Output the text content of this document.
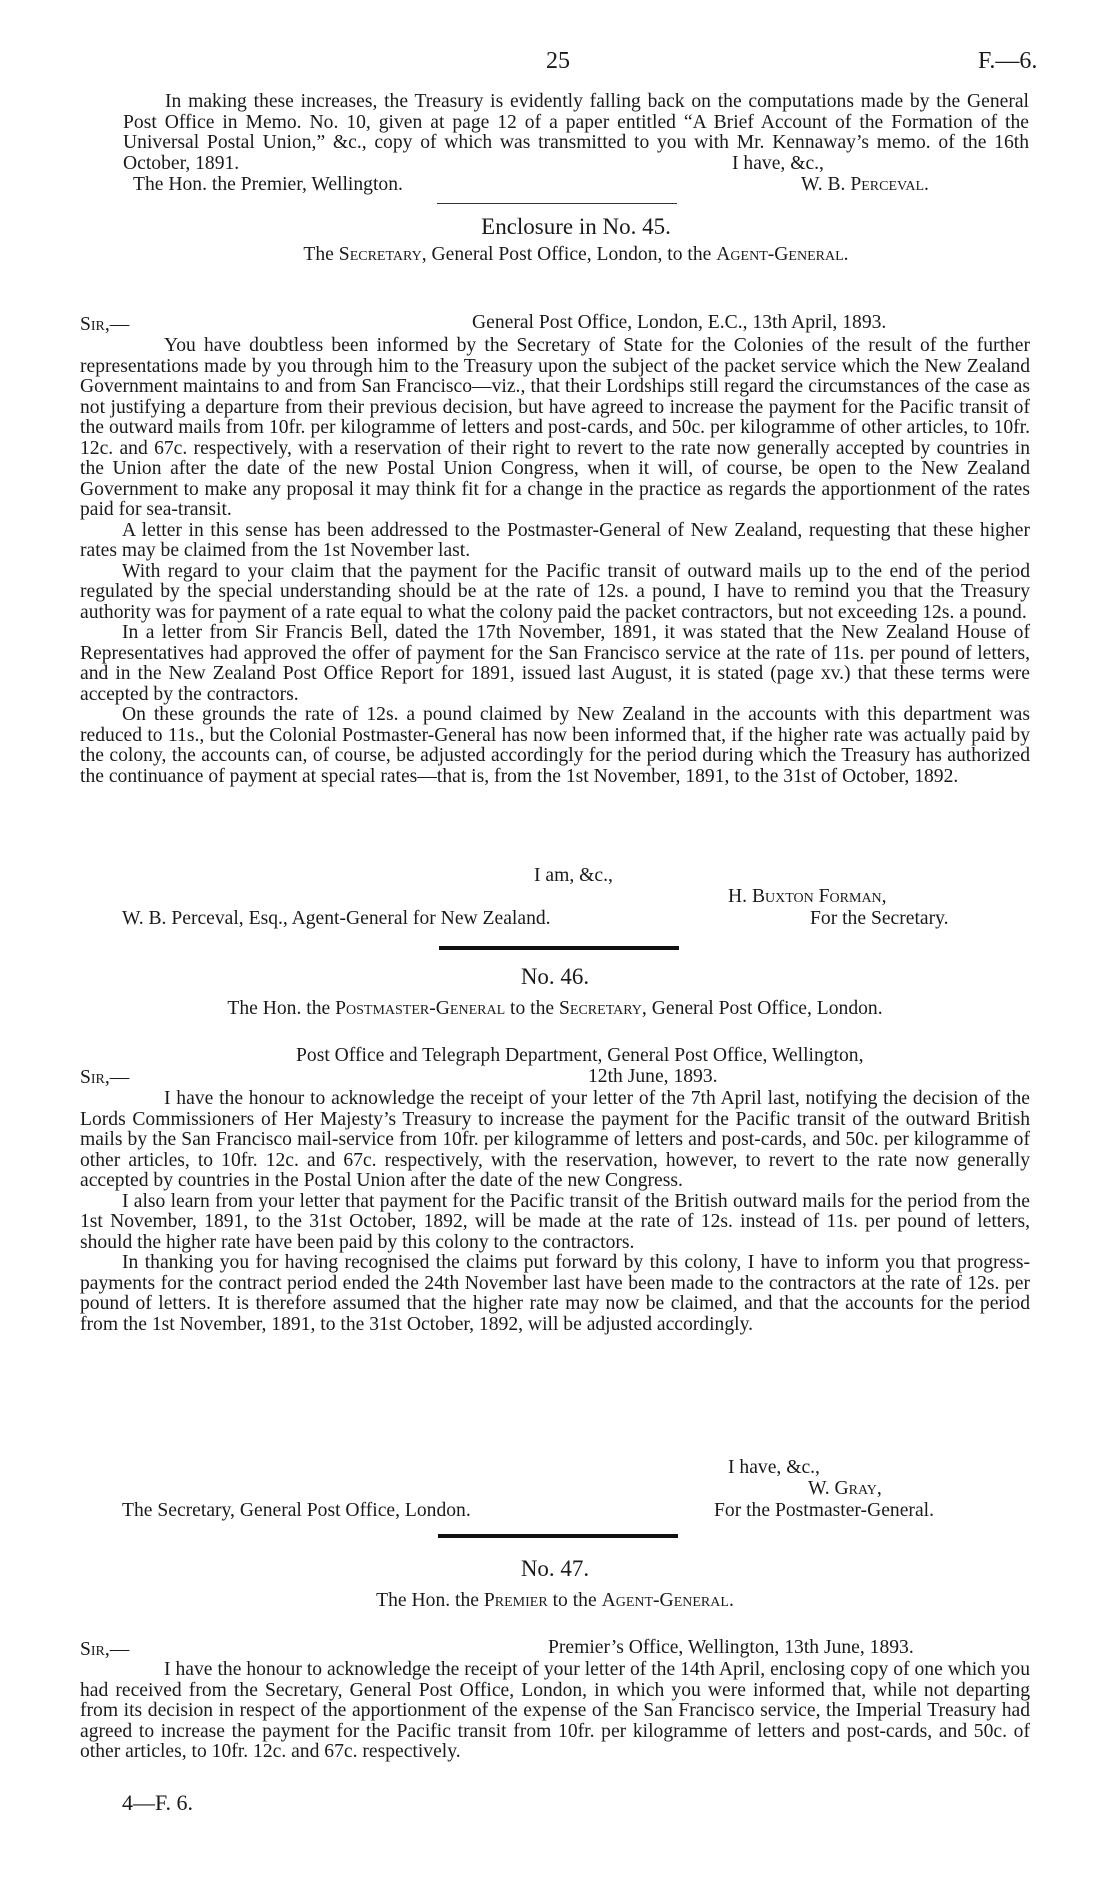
25	F.—6.

In making these increases, the Treasury is evidently falling back on the computations made by the General Post Office in Memo. No. 10, given at page 12 of a paper entitled “A Brief Account of the Formation of the Universal Postal Union,” &c., copy of which was transmitted to you with Mr. Kennaway’s memo. of the 16th October, 1891.	I have, &c.,
The Hon. the Premier, Wellington.	W. B. Perceval.

Enclosure in No. 45.

The Secretary, General Post Office, London, to the Agent-General.

Sir,—	General Post Office, London, E.C., 13th April, 1893.

You have doubtless been informed by the Secretary of State for the Colonies of the result of the further representations made by you through him to the Treasury upon the subject of the packet service which the New Zealand Government maintains to and from San Francisco—viz., that their Lordships still regard the circumstances of the case as not justifying a departure from their previous decision, but have agreed to increase the payment for the Pacific transit of the outward mails from 10fr. per kilogramme of letters and post-cards, and 50c. per kilogramme of other articles, to 10fr. 12c. and 67c. respectively, with a reservation of their right to revert to the rate now generally accepted by countries in the Union after the date of the new Postal Union Congress, when it will, of course, be open to the New Zealand Government to make any proposal it may think fit for a change in the practice as regards the apportionment of the rates paid for sea-transit.

A letter in this sense has been addressed to the Postmaster-General of New Zealand, requesting that these higher rates may be claimed from the 1st November last.

With regard to your claim that the payment for the Pacific transit of outward mails up to the end of the period regulated by the special understanding should be at the rate of 12s. a pound, I have to remind you that the Treasury authority was for payment of a rate equal to what the colony paid the packet contractors, but not exceeding 12s. a pound.

In a letter from Sir Francis Bell, dated the 17th November, 1891, it was stated that the New Zealand House of Representatives had approved the offer of payment for the San Francisco service at the rate of 11s. per pound of letters, and in the New Zealand Post Office Report for 1891, issued last August, it is stated (page xv.) that these terms were accepted by the contractors.

On these grounds the rate of 12s. a pound claimed by New Zealand in the accounts with this department was reduced to 11s., but the Colonial Postmaster-General has now been informed that, if the higher rate was actually paid by the colony, the accounts can, of course, be adjusted accordingly for the period during which the Treasury has authorized the continuance of payment at special rates—that is, from the 1st November, 1891, to the 31st of October, 1892.

I am, &c.,
H. Buxton Forman,
W. B. Perceval, Esq., Agent-General for New Zealand.	For the Secretary.

No. 46.

The Hon. the Postmaster-General to the Secretary, General Post Office, London.

Post Office and Telegraph Department, General Post Office, Wellington,
Sir,—	12th June, 1893.

I have the honour to acknowledge the receipt of your letter of the 7th April last, notifying the decision of the Lords Commissioners of Her Majesty’s Treasury to increase the payment for the Pacific transit of the outward British mails by the San Francisco mail-service from 10fr. per kilogramme of letters and post-cards, and 50c. per kilogramme of other articles, to 10fr. 12c. and 67c. respectively, with the reservation, however, to revert to the rate now generally accepted by countries in the Postal Union after the date of the new Congress.

I also learn from your letter that payment for the Pacific transit of the British outward mails for the period from the 1st November, 1891, to the 31st October, 1892, will be made at the rate of 12s. instead of 11s. per pound of letters, should the higher rate have been paid by this colony to the contractors.

In thanking you for having recognised the claims put forward by this colony, I have to inform you that progress-payments for the contract period ended the 24th November last have been made to the contractors at the rate of 12s. per pound of letters. It is therefore assumed that the higher rate may now be claimed, and that the accounts for the period from the 1st November, 1891, to the 31st October, 1892, will be adjusted accordingly.

I have, &c.,
W. Gray,
The Secretary, General Post Office, London.	For the Postmaster-General.

No. 47.

The Hon. the Premier to the Agent-General.

Sir,—	Premier’s Office, Wellington, 13th June, 1893.

I have the honour to acknowledge the receipt of your letter of the 14th April, enclosing copy of one which you had received from the Secretary, General Post Office, London, in which you were informed that, while not departing from its decision in respect of the apportionment of the expense of the San Francisco service, the Imperial Treasury had agreed to increase the payment for the Pacific transit from 10fr. per kilogramme of letters and post-cards, and 50c. of other articles, to 10fr. 12c. and 67c. respectively.

4—F. 6.
